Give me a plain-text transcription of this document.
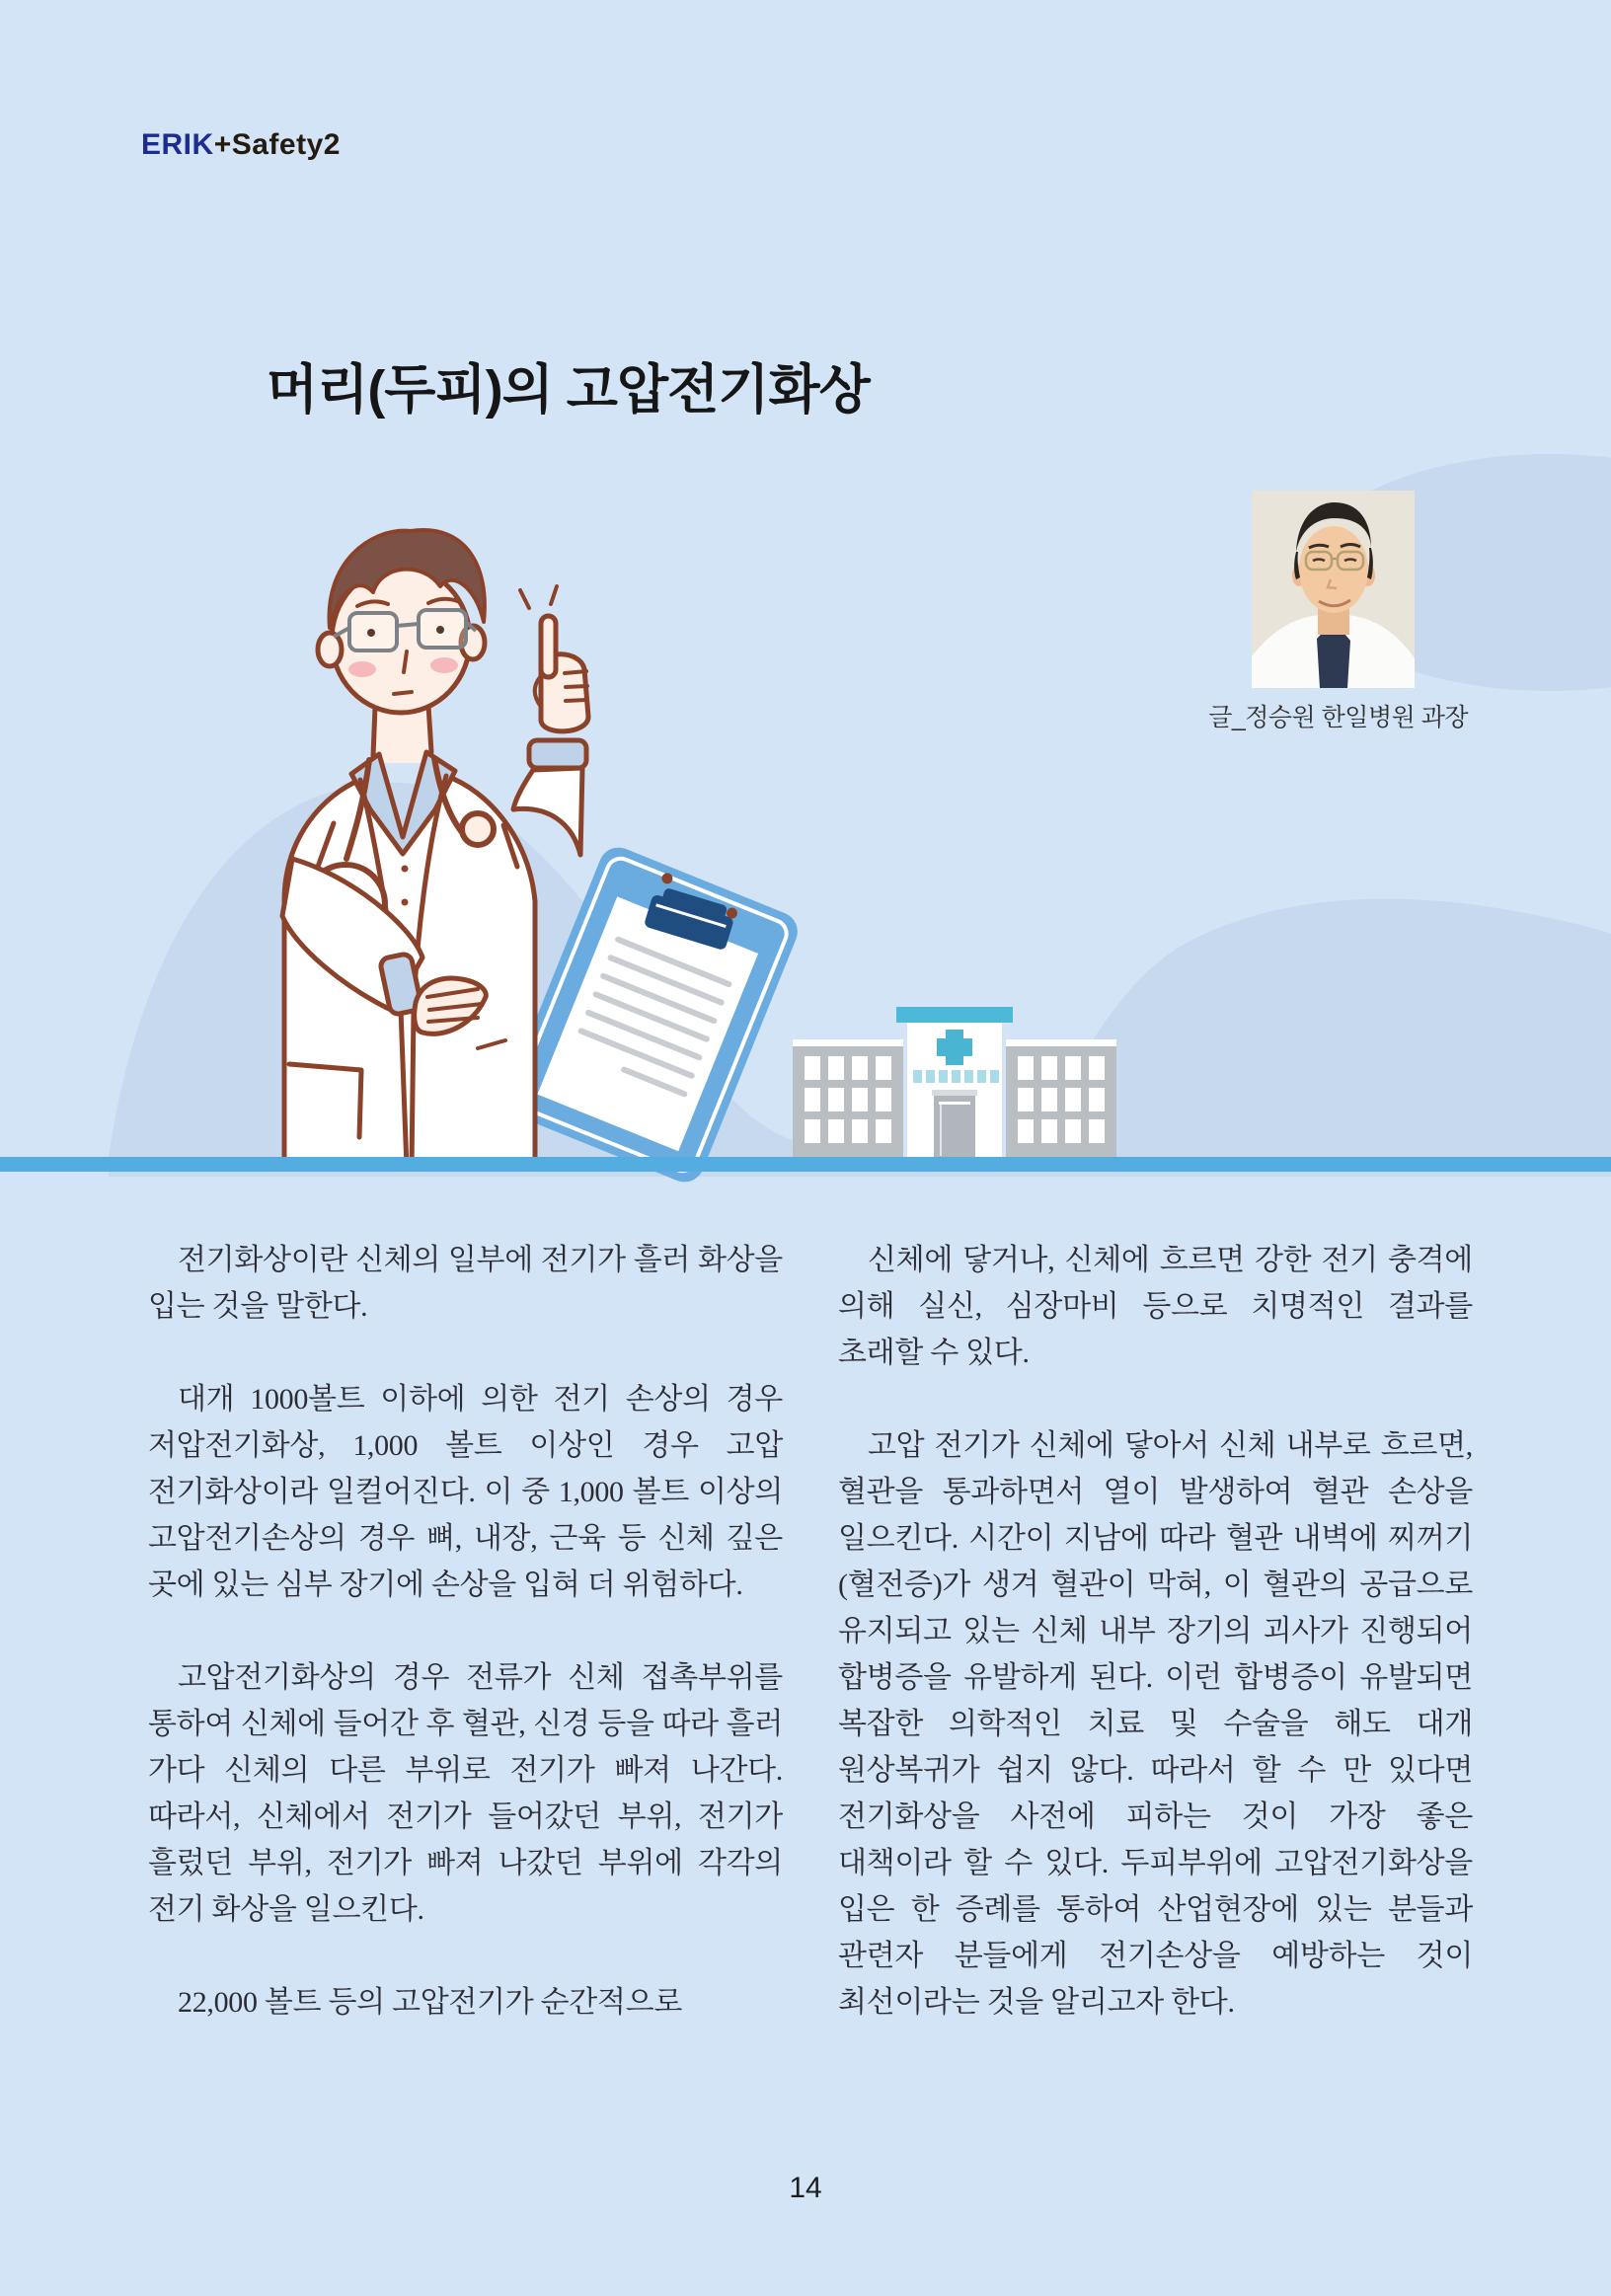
ERIK+Safety2
머리(두피)의 고압전기화상
글_정승원 한일병원 과장

전기화상이란 신체의 일부에 전기가 흘러 화상을 입는 것을 말한다.

대개 1000볼트 이하에 의한 전기 손상의 경우 저압전기화상, 1,000 볼트 이상인 경우 고압 전기화상이라 일컬어진다. 이 중 1,000 볼트 이상의 고압전기손상의 경우 뼈, 내장, 근육 등 신체 깊은 곳에 있는 심부 장기에 손상을 입혀 더 위험하다.

고압전기화상의 경우 전류가 신체 접촉부위를 통하여 신체에 들어간 후 혈관, 신경 등을 따라 흘러 가다 신체의 다른 부위로 전기가 빠져 나간다. 따라서, 신체에서 전기가 들어갔던 부위, 전기가 흘렀던 부위, 전기가 빠져 나갔던 부위에 각각의 전기 화상을 일으킨다.

22,000 볼트 등의 고압전기가 순간적으로

신체에 닿거나, 신체에 흐르면 강한 전기 충격에 의해 실신, 심장마비 등으로 치명적인 결과를 초래할 수 있다.

고압 전기가 신체에 닿아서 신체 내부로 흐르면, 혈관을 통과하면서 열이 발생하여 혈관 손상을 일으킨다. 시간이 지남에 따라 혈관 내벽에 찌꺼기(혈전증)가 생겨 혈관이 막혀, 이 혈관의 공급으로 유지되고 있는 신체 내부 장기의 괴사가 진행되어 합병증을 유발하게 된다. 이런 합병증이 유발되면 복잡한 의학적인 치료 및 수술을 해도 대개 원상복귀가 쉽지 않다. 따라서 할 수 만 있다면 전기화상을 사전에 피하는 것이 가장 좋은 대책이라 할 수 있다. 두피부위에 고압전기화상을 입은 한 증례를 통하여 산업현장에 있는 분들과 관련자 분들에게 전기손상을 예방하는 것이 최선이라는 것을 알리고자 한다.

14
